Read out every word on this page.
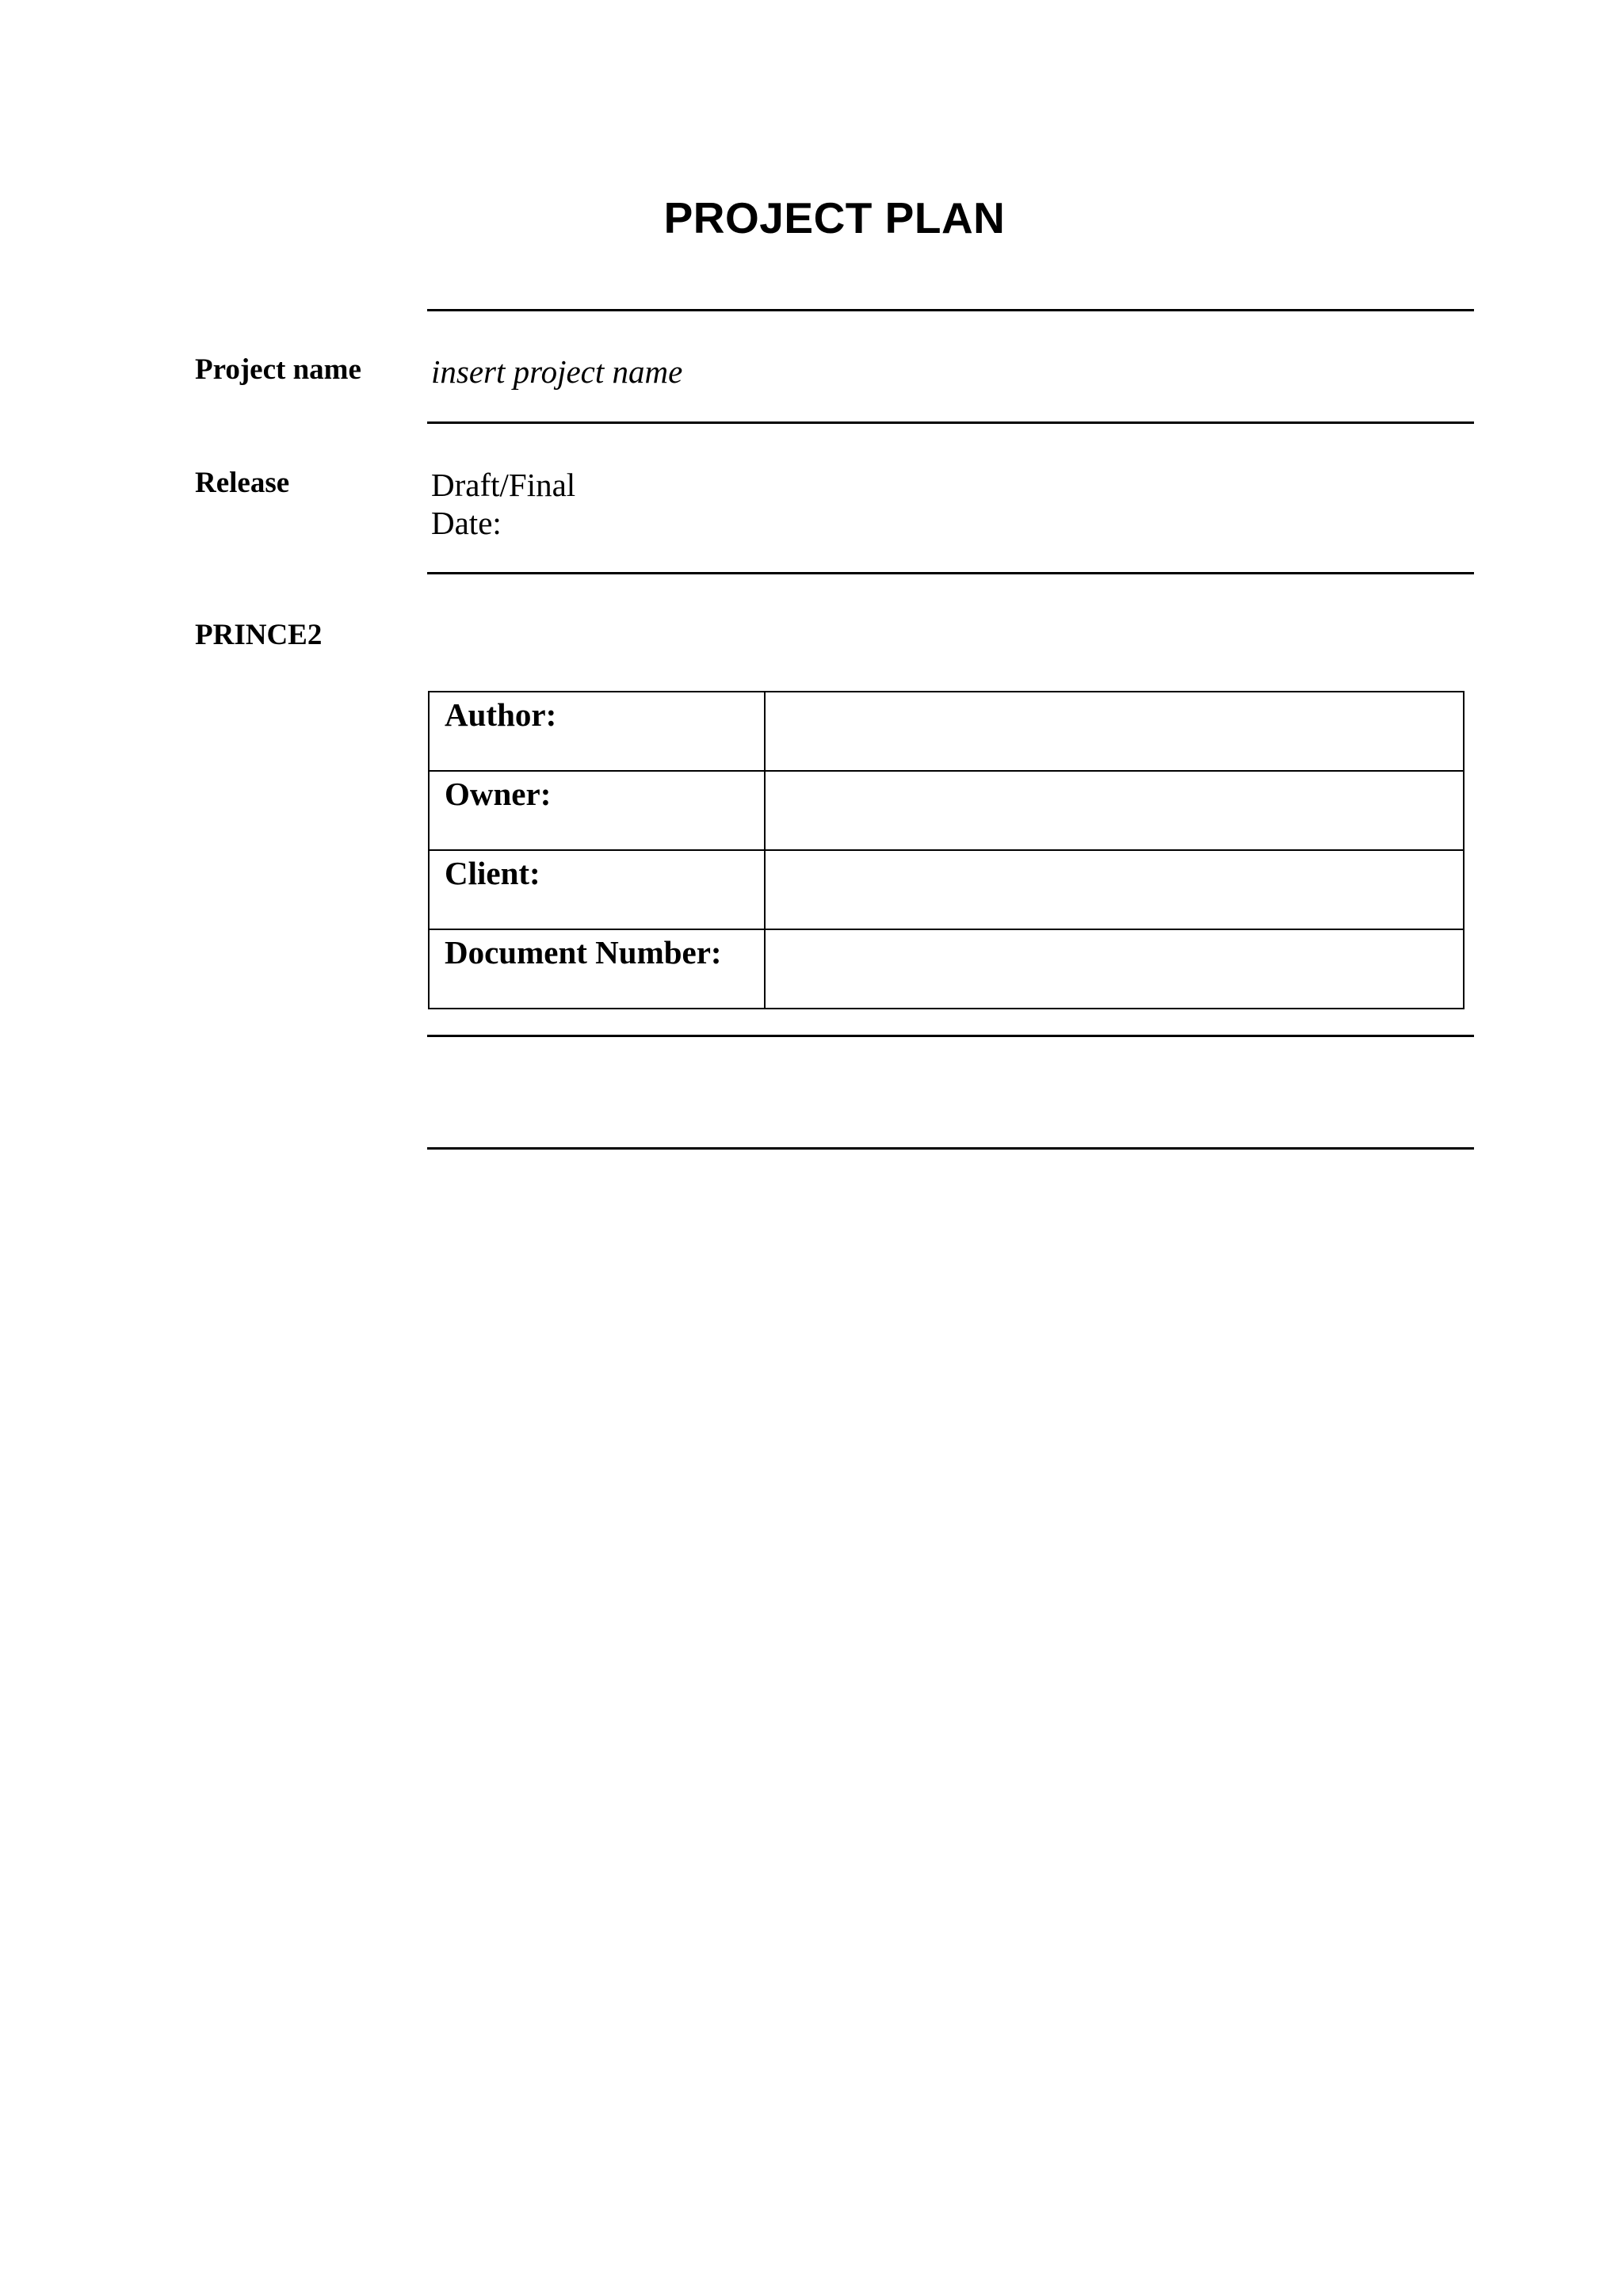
PROJECT PLAN
Project name insert project name
Release	Draft/Final
Date:
PRINCE2
Author:	
Owner:	
Client:	
Document Number:	
